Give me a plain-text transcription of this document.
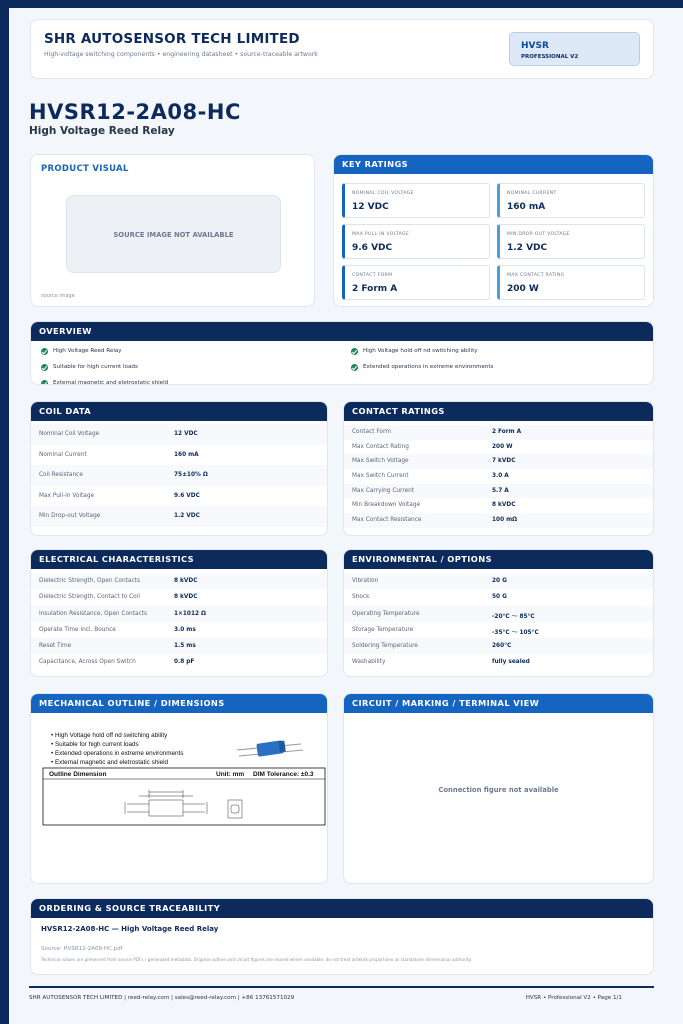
SHR AUTOSENSOR TECH LIMITED
High-voltage switching components • engineering datasheet • source-traceable artwork
HVSR
PROFESSIONAL V2
HVSR12-2A08-HC
High Voltage Reed Relay
PRODUCT VISUAL
SOURCE IMAGE NOT AVAILABLE
source image
KEY RATINGS
NOMINAL COIL VOLTAGE
12 VDC
NOMINAL CURRENT
160 mA
MAX PULL-IN VOLTAGE
9.6 VDC
MIN DROP-OUT VOLTAGE
1.2 VDC
CONTACT FORM
2 Form A
MAX CONTACT RATING
200 W
OVERVIEW
High Voltage Reed Relay	High Voltage hold off nd switching ability
Suitable for high current loads	Extended operations in extreme environments
External magnetic and eletrostatic shield
COIL DATA
Nominal Coil Voltage	12 VDC
Nominal Current	160 mA
Coil Resistance	75±10% Ω
Max Pull-in Voltage	9.6 VDC
Min Drop-out Voltage	1.2 VDC
CONTACT RATINGS
Contact Form	2 Form A
Max Contact Rating	200 W
Max Switch Voltage	7 kVDC
Max Switch Current	3.0 A
Max Carrying Current	5.7 A
Min Breakdown Voltage	8 kVDC
Max Contact Resistance	100 mΩ
ELECTRICAL CHARACTERISTICS
Dielectric Strength, Open Contacts	8 kVDC
Dielectric Strength, Contact to Coil	8 kVDC
Insulation Resistance, Open Contacts	1×1012 Ω
Operate Time incl. Bounce	3.0 ms
Reset Time	1.5 ms
Capacitance, Across Open Switch	0.8 pF
ENVIRONMENTAL / OPTIONS
Vibration	20 G
Shock	50 G
Operating Temperature	-20°C ～ 85°C
Storage Temperature	-35°C ～ 105°C
Soldering Temperature	260°C
Washability	fully sealed
MECHANICAL OUTLINE / DIMENSIONS
• High Voltage hold off nd switching ability
• Suitable for high current loads
• Extended operations in extreme environments
• External magnetic and eletrostatic shield
Outline Dimension	Unit: mm DIM Tolerance: ±0.3
CIRCUIT / MARKING / TERMINAL VIEW
Connection figure not available
ORDERING & SOURCE TRACEABILITY
HVSR12-2A08-HC — High Voltage Reed Relay
Source: HVSR12-2A08-HC.pdf
Technical values are preserved from source PDFs / generated metadata. Original outline and circuit figures are reused where available; do not treat artwork proportions as standalone dimensional authority.
SHR AUTOSENSOR TECH LIMITED | reed-relay.com | sales@reed-relay.com | +86 13761571029	HVSR • Professional V2 • Page 1/1
